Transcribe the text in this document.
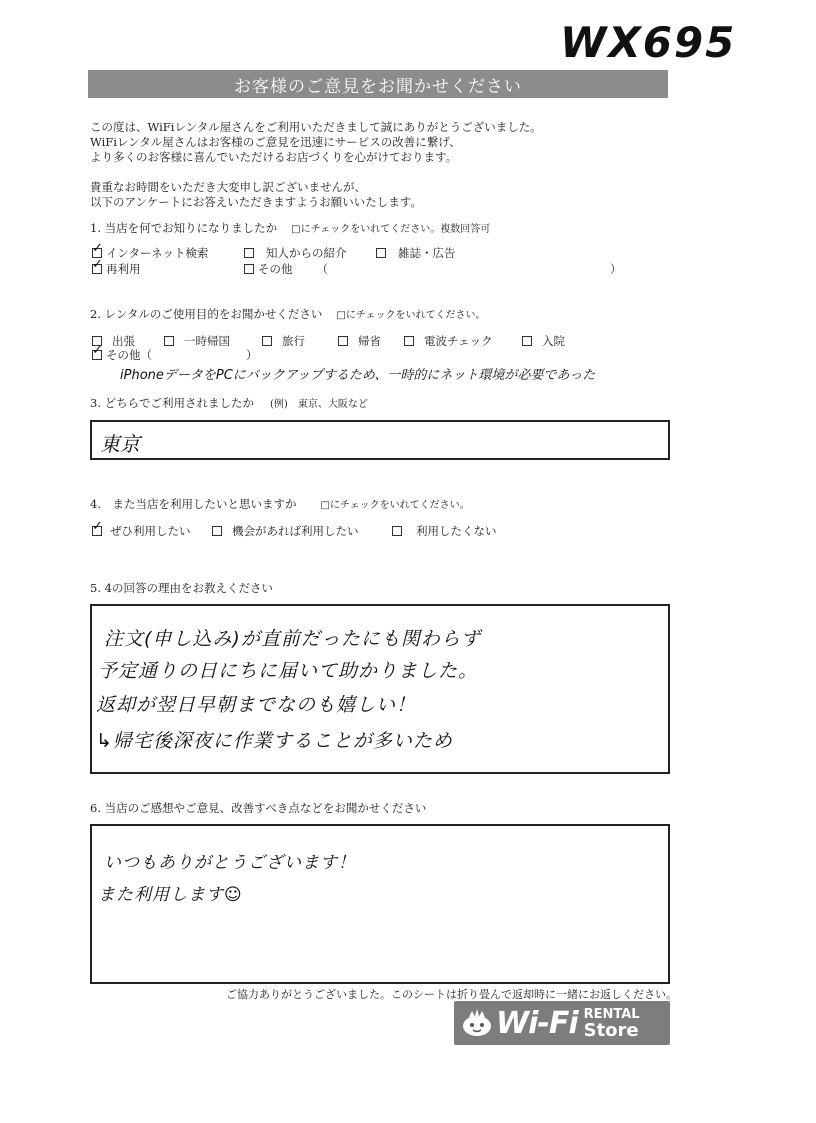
WX695
お客様のご意見をお聞かせください
この度は、WiFiレンタル屋さんをご利用いただきまして誠にありがとうございました。
WiFiレンタル屋さんはお客様のご意見を迅速にサービスの改善に繋げ、
より多くのお客様に喜んでいただけるお店づくりを心がけております。
貴重なお時間をいただき大変申し訳ございませんが、
以下のアンケートにお答えいただきますようお願いいたします。
1. 当店を何でお知りになりましたか □にチェックをいれてください。複数回答可
✓
インターネット検索	知人からの紹介	雑誌・広告
✓
再利用	その他 （	）
2. レンタルのご使用目的をお聞かせください □にチェックをいれてください。
出張	一時帰国	旅行	帰省	電波チェック	入院
✓
その他（	）
iPhoneデータをPCにバックアップするため、一時的にネット環境が必要であった
3. どちらでご利用されましたか (例)　東京、大阪など
東京
4.　また当店を利用したいと思いますか □にチェックをいれてください。
✓
ぜひ利用したい	機会があれば利用したい	利用したくない
5. 4の回答の理由をお教えください
注文(申し込み)が直前だったにも関わらず
予定通りの日にちに届いて助かりました。
返却が翌日早朝までなのも嬉しい！
↳帰宅後深夜に作業することが多いため
6. 当店のご感想やご意見、改善すべき点などをお聞かせください
いつもありがとうございます！
また利用します☺
ご協力ありがとうございました。このシートは折り畳んで返却時に一緒にお返しください。
Wi-Fi RENTAL
Store
